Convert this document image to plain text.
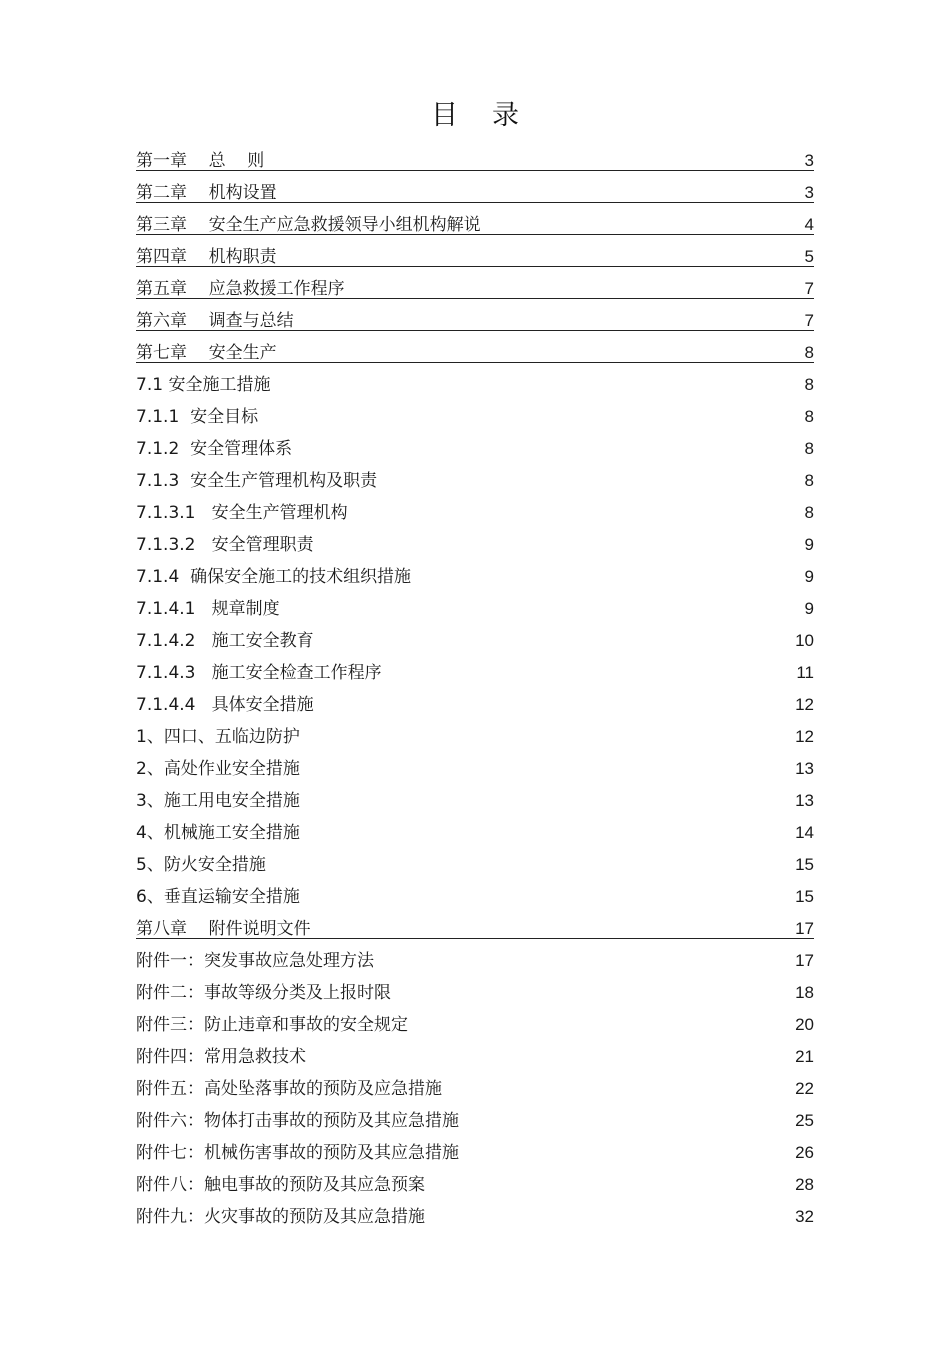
目录
第一章    总    则	3
第二章    机构设置	3
第三章    安全生产应急救援领导小组机构解说	4
第四章    机构职责	5
第五章    应急救援工作程序	7
第六章    调查与总结	7
第七章    安全生产	8
7.1 安全施工措施	8
7.1.1  安全目标	8
7.1.2  安全管理体系	8
7.1.3  安全生产管理机构及职责	8
7.1.3.1   安全生产管理机构	8
7.1.3.2   安全管理职责	9
7.1.4  确保安全施工的技术组织措施	9
7.1.4.1   规章制度	9
7.1.4.2   施工安全教育	10
7.1.4.3   施工安全检查工作程序	11
7.1.4.4   具体安全措施	12
1、四口、五临边防护	12
2、高处作业安全措施	13
3、施工用电安全措施	13
4、机械施工安全措施	14
5、防火安全措施	15
6、垂直运输安全措施	15
第八章    附件说明文件	17
附件一：突发事故应急处理方法	17
附件二：事故等级分类及上报时限	18
附件三：防止违章和事故的安全规定	20
附件四：常用急救技术	21
附件五：高处坠落事故的预防及应急措施	22
附件六：物体打击事故的预防及其应急措施	25
附件七：机械伤害事故的预防及其应急措施	26
附件八：触电事故的预防及其应急预案	28
附件九：火灾事故的预防及其应急措施	32
